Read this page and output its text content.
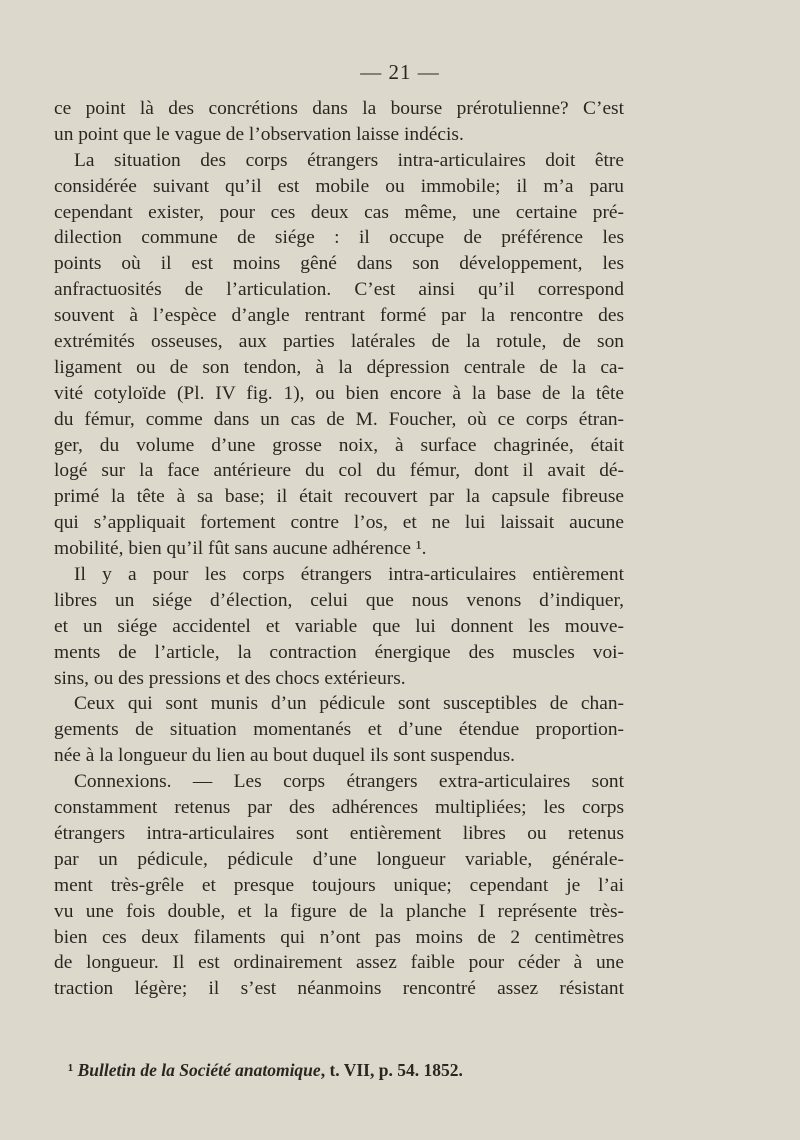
— 21 —
ce point là des concrétions dans la bourse prérotulienne? C’est
un point que le vague de l’observation laisse indécis.
La situation des corps étrangers intra-articulaires doit être
considérée suivant qu’il est mobile ou immobile; il m’a paru
cependant exister, pour ces deux cas même, une certaine pré-
dilection commune de siége : il occupe de préférence les
points où il est moins gêné dans son développement, les
anfractuosités de l’articulation. C’est ainsi qu’il correspond
souvent à l’espèce d’angle rentrant formé par la rencontre des
extrémités osseuses, aux parties latérales de la rotule, de son
ligament ou de son tendon, à la dépression centrale de la ca-
vité cotyloïde (Pl. IV fig. 1), ou bien encore à la base de la tête
du fémur, comme dans un cas de M. Foucher, où ce corps étran-
ger, du volume d’une grosse noix, à surface chagrinée, était
logé sur la face antérieure du col du fémur, dont il avait dé-
primé la tête à sa base; il était recouvert par la capsule fibreuse
qui s’appliquait fortement contre l’os, et ne lui laissait aucune
mobilité, bien qu’il fût sans aucune adhérence ¹.
Il y a pour les corps étrangers intra-articulaires entièrement
libres un siége d’élection, celui que nous venons d’indiquer,
et un siége accidentel et variable que lui donnent les mouve-
ments de l’article, la contraction énergique des muscles voi-
sins, ou des pressions et des chocs extérieurs.
Ceux qui sont munis d’un pédicule sont susceptibles de chan-
gements de situation momentanés et d’une étendue proportion-
née à la longueur du lien au bout duquel ils sont suspendus.
Connexions. — Les corps étrangers extra-articulaires sont
constamment retenus par des adhérences multipliées; les corps
étrangers intra-articulaires sont entièrement libres ou retenus
par un pédicule, pédicule d’une longueur variable, générale-
ment très-grêle et presque toujours unique; cependant je l’ai
vu une fois double, et la figure de la planche I représente très-
bien ces deux filaments qui n’ont pas moins de 2 centimètres
de longueur. Il est ordinairement assez faible pour céder à une
traction légère; il s’est néanmoins rencontré assez résistant
¹ Bulletin de la Société anatomique, t. VII, p. 54. 1852.
